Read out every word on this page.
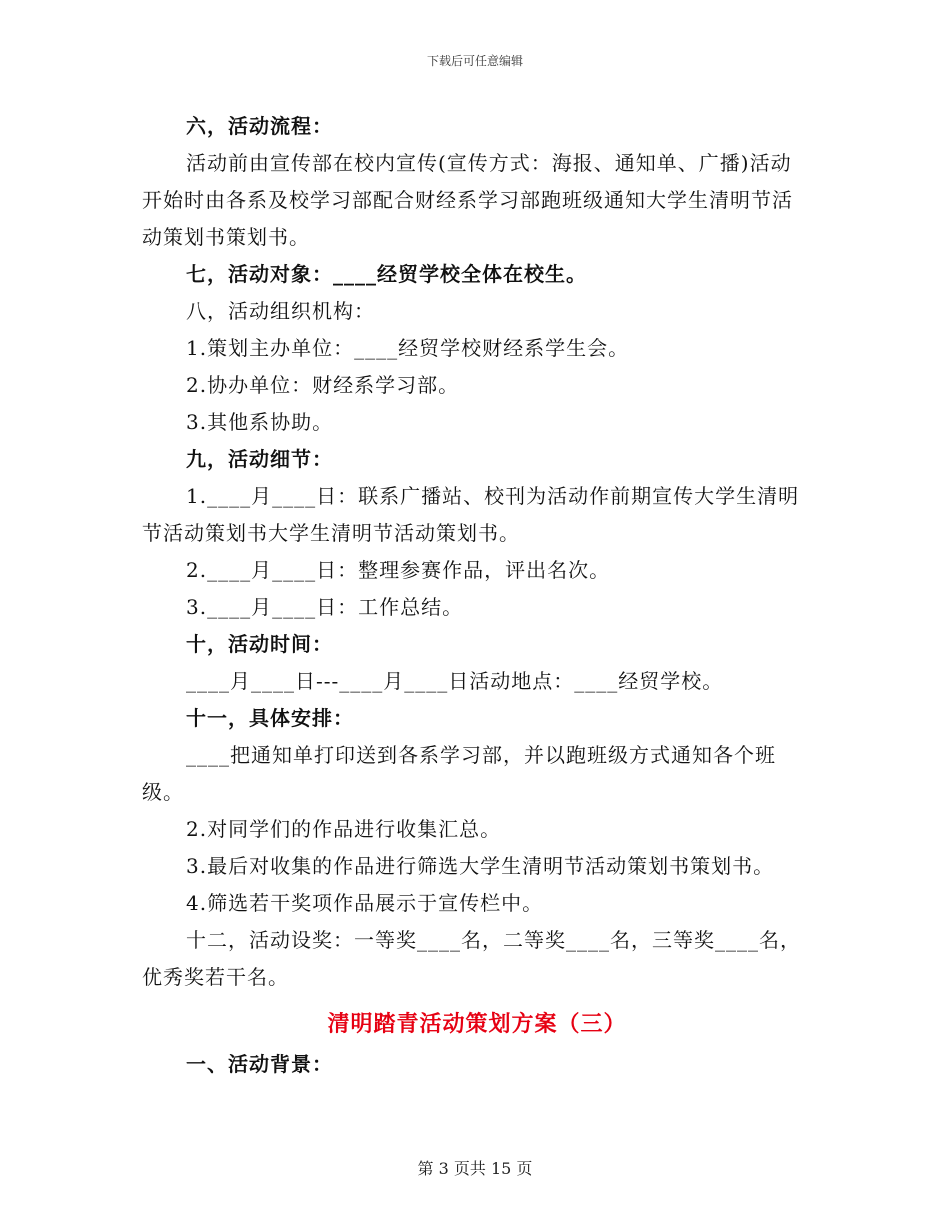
下载后可任意编辑

六，活动流程：

活动前由宣传部在校内宣传(宣传方式：海报、通知单、广播)活动开始时由各系及校学习部配合财经系学习部跑班级通知大学生清明节活动策划书策划书。

七，活动对象：____经贸学校全体在校生。

八，活动组织机构：

1.策划主办单位：____经贸学校财经系学生会。

2.协办单位：财经系学习部。

3.其他系协助。

九，活动细节：

1.____月____日：联系广播站、校刊为活动作前期宣传大学生清明节活动策划书大学生清明节活动策划书。

2.____月____日：整理参赛作品，评出名次。

3.____月____日：工作总结。

十，活动时间：

____月____日---____月____日活动地点：____经贸学校。

十一，具体安排：

____把通知单打印送到各系学习部，并以跑班级方式通知各个班级。

2.对同学们的作品进行收集汇总。

3.最后对收集的作品进行筛选大学生清明节活动策划书策划书。

4.筛选若干奖项作品展示于宣传栏中。

十二，活动设奖：一等奖____名，二等奖____名，三等奖____名，优秀奖若干名。

清明踏青活动策划方案（三）

一、活动背景：

第 3 页共 15 页
